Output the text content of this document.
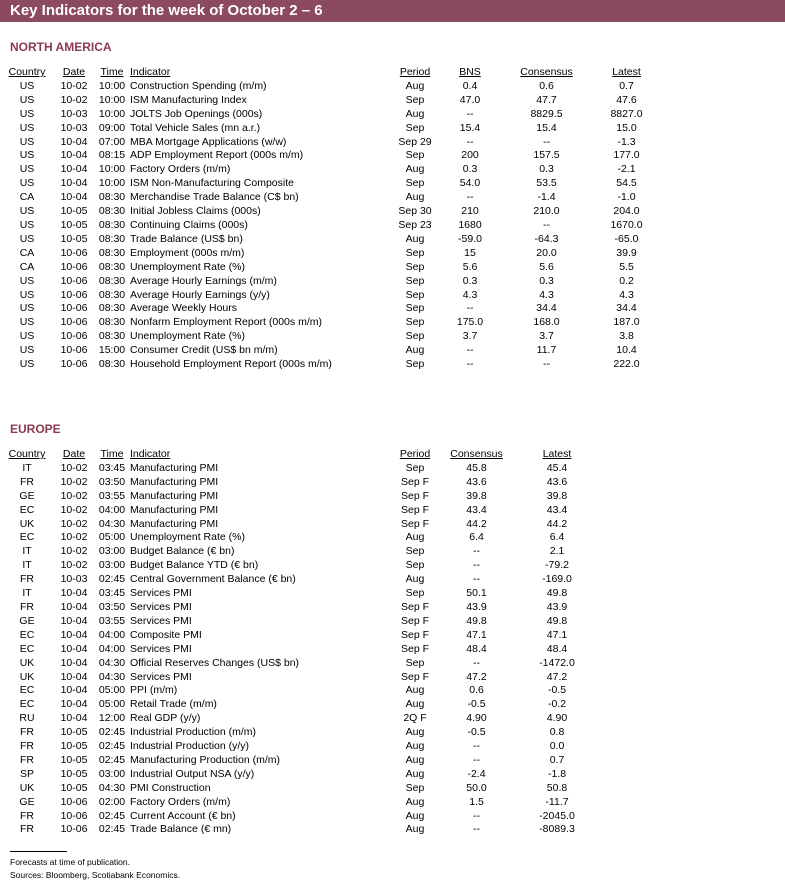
Key Indicators for the week of October 2 – 6
NORTH AMERICA
Country	Date	Time	Indicator	Period	BNS	Consensus	Latest
US	10-02	10:00	Construction Spending (m/m)	Aug	0.4	0.6	0.7
US	10-02	10:00	ISM Manufacturing Index	Sep	47.0	47.7	47.6
US	10-03	10:00	JOLTS Job Openings (000s)	Aug	--	8829.5	8827.0
US	10-03	09:00	Total Vehicle Sales (mn a.r.)	Sep	15.4	15.4	15.0
US	10-04	07:00	MBA Mortgage Applications (w/w)	Sep 29	--	--	-1.3
US	10-04	08:15	ADP Employment Report (000s m/m)	Sep	200	157.5	177.0
US	10-04	10:00	Factory Orders (m/m)	Aug	0.3	0.3	-2.1
US	10-04	10:00	ISM Non-Manufacturing Composite	Sep	54.0	53.5	54.5
CA	10-04	08:30	Merchandise Trade Balance (C$ bn)	Aug	--	-1.4	-1.0
US	10-05	08:30	Initial Jobless Claims (000s)	Sep 30	210	210.0	204.0
US	10-05	08:30	Continuing Claims (000s)	Sep 23	1680	--	1670.0
US	10-05	08:30	Trade Balance (US$ bn)	Aug	-59.0	-64.3	-65.0
CA	10-06	08:30	Employment (000s m/m)	Sep	15	20.0	39.9
CA	10-06	08:30	Unemployment Rate (%)	Sep	5.6	5.6	5.5
US	10-06	08:30	Average Hourly Earnings (m/m)	Sep	0.3	0.3	0.2
US	10-06	08:30	Average Hourly Earnings (y/y)	Sep	4.3	4.3	4.3
US	10-06	08:30	Average Weekly Hours	Sep	--	34.4	34.4
US	10-06	08:30	Nonfarm Employment Report (000s m/m)	Sep	175.0	168.0	187.0
US	10-06	08:30	Unemployment Rate (%)	Sep	3.7	3.7	3.8
US	10-06	15:00	Consumer Credit (US$ bn m/m)	Aug	--	11.7	10.4
US	10-06	08:30	Household Employment Report (000s m/m)	Sep	--	--	222.0
EUROPE
Country	Date	Time	Indicator	Period	Consensus	Latest
IT	10-02	03:45	Manufacturing PMI	Sep	45.8	45.4
FR	10-02	03:50	Manufacturing PMI	Sep F	43.6	43.6
GE	10-02	03:55	Manufacturing PMI	Sep F	39.8	39.8
EC	10-02	04:00	Manufacturing PMI	Sep F	43.4	43.4
UK	10-02	04:30	Manufacturing PMI	Sep F	44.2	44.2
EC	10-02	05:00	Unemployment Rate (%)	Aug	6.4	6.4
IT	10-02	03:00	Budget Balance (€ bn)	Sep	--	2.1
IT	10-02	03:00	Budget Balance YTD (€ bn)	Sep	--	-79.2
FR	10-03	02:45	Central Government Balance (€ bn)	Aug	--	-169.0
IT	10-04	03:45	Services PMI	Sep	50.1	49.8
FR	10-04	03:50	Services PMI	Sep F	43.9	43.9
GE	10-04	03:55	Services PMI	Sep F	49.8	49.8
EC	10-04	04:00	Composite PMI	Sep F	47.1	47.1
EC	10-04	04:00	Services PMI	Sep F	48.4	48.4
UK	10-04	04:30	Official Reserves Changes (US$ bn)	Sep	--	-1472.0
UK	10-04	04:30	Services PMI	Sep F	47.2	47.2
EC	10-04	05:00	PPI (m/m)	Aug	0.6	-0.5
EC	10-04	05:00	Retail Trade (m/m)	Aug	-0.5	-0.2
RU	10-04	12:00	Real GDP (y/y)	2Q F	4.90	4.90
FR	10-05	02:45	Industrial Production (m/m)	Aug	-0.5	0.8
FR	10-05	02:45	Industrial Production (y/y)	Aug	--	0.0
FR	10-05	02:45	Manufacturing Production (m/m)	Aug	--	0.7
SP	10-05	03:00	Industrial Output NSA (y/y)	Aug	-2.4	-1.8
UK	10-05	04:30	PMI Construction	Sep	50.0	50.8
GE	10-06	02:00	Factory Orders (m/m)	Aug	1.5	-11.7
FR	10-06	02:45	Current Account (€ bn)	Aug	--	-2045.0
FR	10-06	02:45	Trade Balance (€ mn)	Aug	--	-8089.3
Forecasts at time of publication.
Sources: Bloomberg, Scotiabank Economics.
